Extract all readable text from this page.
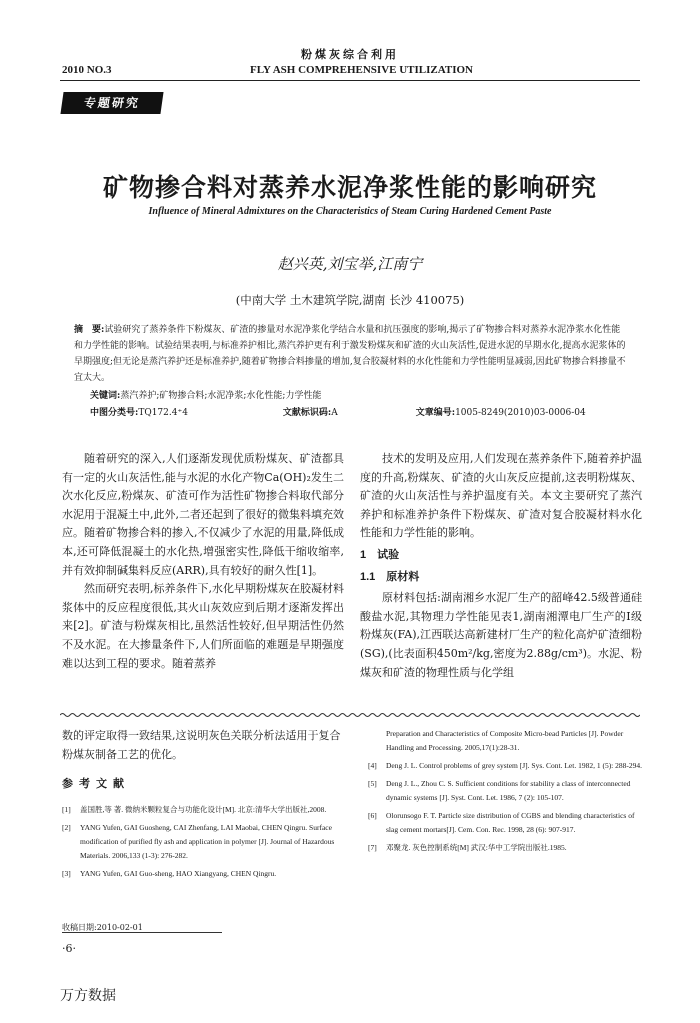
粉煤灰综合利用
2010 NO.3	FLY ASH COMPREHENSIVE UTILIZATION
专题研究
矿物掺合料对蒸养水泥净浆性能的影响研究
Influence of Mineral Admixtures on the Characteristics of Steam Curing Hardened Cement Paste
赵兴英,刘宝举,江南宁
(中南大学 土木建筑学院,湖南 长沙 410075)
摘　要:试验研究了蒸养条件下粉煤灰、矿渣的掺量对水泥净浆化学结合水量和抗压强度的影响,揭示了矿物掺合料对蒸养水泥净浆水化性能和力学性能的影响。试验结果表明,与标准养护相比,蒸汽养护更有利于激发粉煤灰和矿渣的火山灰活性,促进水泥的早期水化,提高水泥浆体的早期强度;但无论是蒸汽养护还是标准养护,随着矿物掺合料掺量的增加,复合胶凝材料的水化性能和力学性能明显减弱,因此矿物掺合料掺量不宜太大。
关键词:蒸汽养护;矿物掺合料;水泥净浆;水化性能;力学性能
中图分类号:TQ172.4⁺4	文献标识码:A	文章编号:1005-8249(2010)03-0006-04

随着研究的深入,人们逐渐发现优质粉煤灰、矿渣都具有一定的火山灰活性,能与水泥的水化产物Ca(OH)₂发生二次水化反应,粉煤灰、矿渣可作为活性矿物掺合料取代部分水泥用于混凝土中,此外,二者还起到了很好的微集料填充效应。随着矿物掺合料的掺入,不仅减少了水泥的用量,降低成本,还可降低混凝土的水化热,增强密实性,降低干缩收缩率,并有效抑制碱集料反应(ARR),具有较好的耐久性[1]。

然而研究表明,标养条件下,水化早期粉煤灰在胶凝材料浆体中的反应程度很低,其火山灰效应到后期才逐渐发挥出来[2]。矿渣与粉煤灰相比,虽然活性较好,但早期活性仍然不及水泥。在大掺量条件下,人们所面临的难题是早期强度难以达到工程的要求。随着蒸养

技术的发明及应用,人们发现在蒸养条件下,随着养护温度的升高,粉煤灰、矿渣的火山灰反应提前,这表明粉煤灰、矿渣的火山灰活性与养护温度有关。本文主要研究了蒸汽养护和标准养护条件下粉煤灰、矿渣对复合胶凝材料水化性能和力学性能的影响。

1　试验

1.1　原材料

原材料包括:湖南湘乡水泥厂生产的韶峰42.5级普通硅酸盐水泥,其物理力学性能见表1,湖南湘潭电厂生产的Ⅰ级粉煤灰(FA),江西联达高新建材厂生产的粒化高炉矿渣细粉(SG),(比表面积450m²/kg,密度为2.88g/cm³)。水泥、粉煤灰和矿渣的物理性质与化学组

数的评定取得一致结果,这说明灰色关联分析法适用于复合粉煤灰制备工艺的优化。
参考文献
[1]	盖国胜,等 著. 微纳米颗粒复合与功能化设计[M]. 北京:清华大学出版社,2008.
[2]	YANG Yufen, GAI Guosheng, CAI Zhenfang, LAI Maobai, CHEN Qingru. Surface modification of purified fly ash and application in polymer [J]. Journal of Hazardous Materials. 2006,133 (1-3): 276-282.
[3]	YANG Yufen, GAI Guo-sheng, HAO Xiangyang, CHEN Qingru.
Preparation and Characteristics of Composite Micro-bead Particles [J]. Powder Handling and Processing. 2005,17(1):28-31.
[4]	Deng J. L. Control problems of grey system [J]. Sys. Cont. Let. 1982, 1 (5): 288-294.
[5]	Deng J. L., Zhou C. S. Sufficient conditions for stability a class of interconnected dynamic systems [J]. Syst. Cont. Let. 1986, 7 (2): 105-107.
[6]	Olorunsogo F. T. Particle size distribution of CGBS and blending characteristics of slag cement mortars[J]. Cem. Con. Rec. 1998, 28 (6): 907-917.
[7]	邓聚龙. 灰色控制系统[M] 武汉:华中工学院出版社.1985.
收稿日期:2010-02-01
·6·
万方数据
